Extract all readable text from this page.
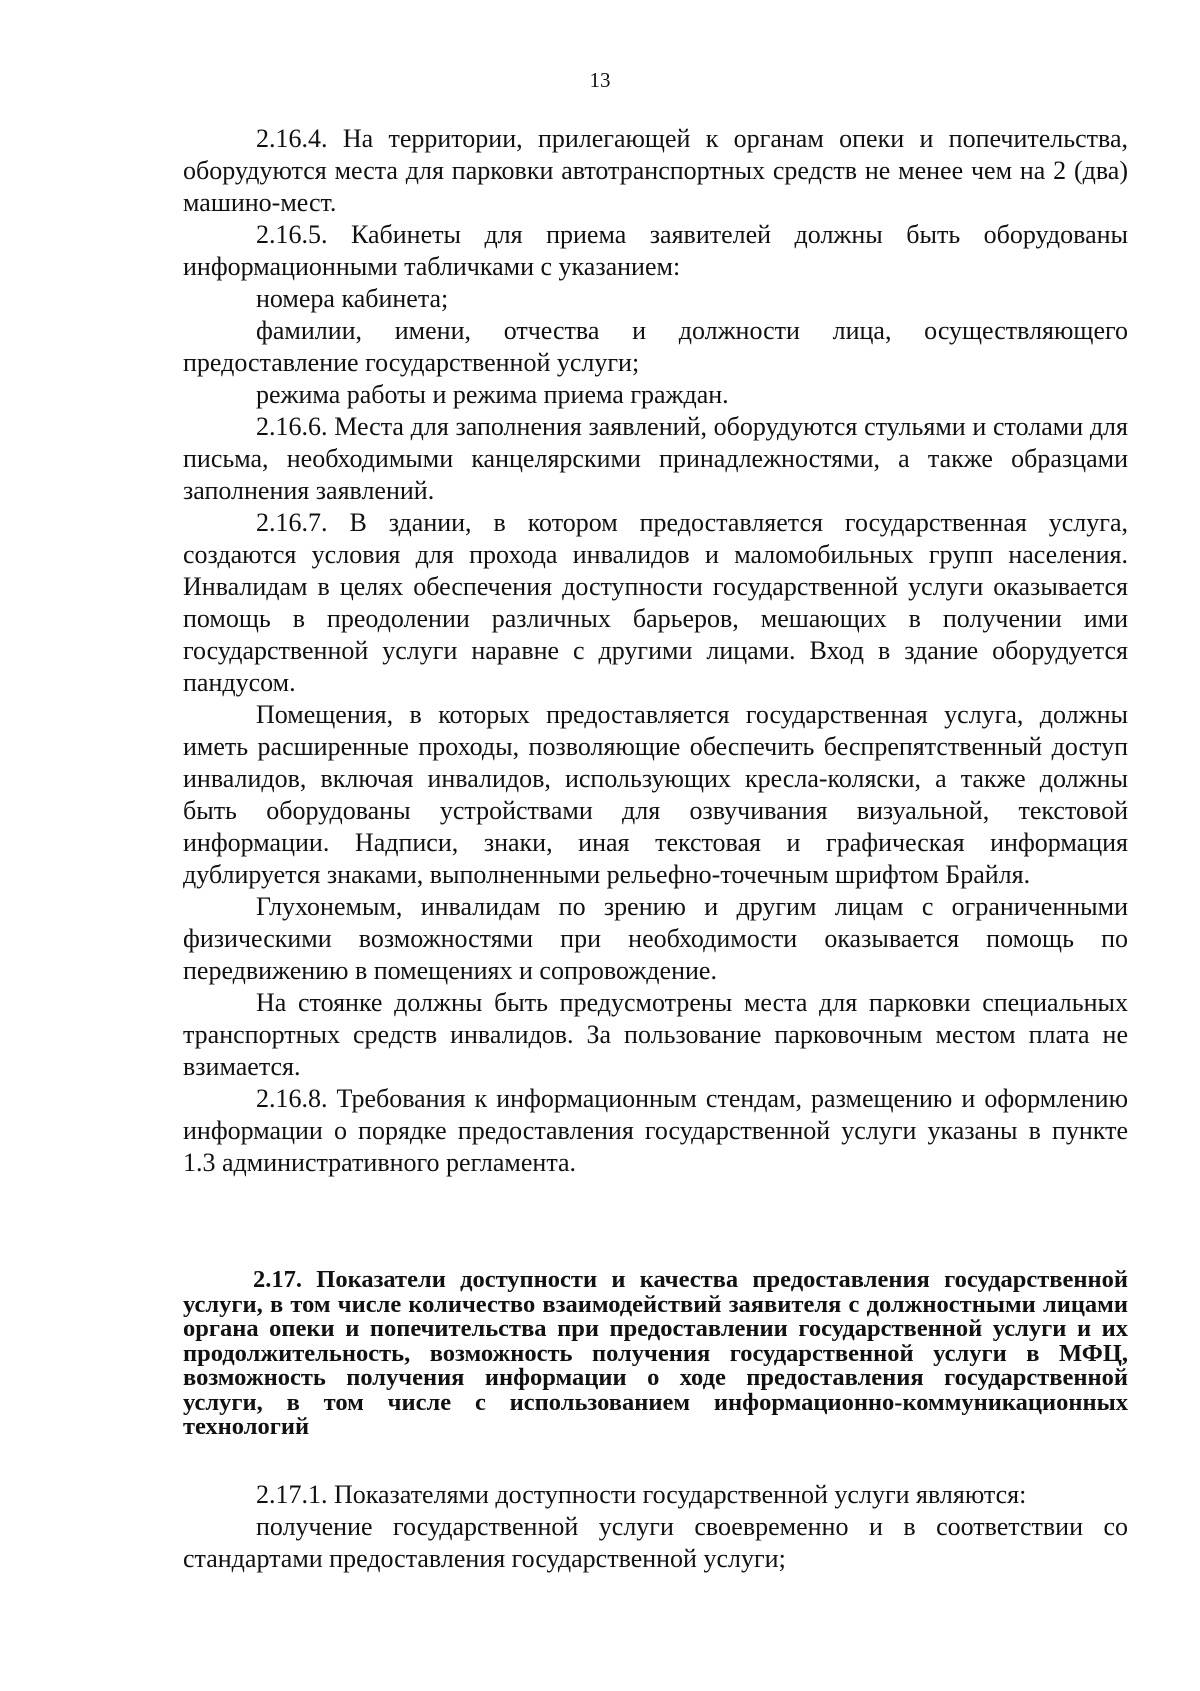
13

2.16.4. На территории, прилегающей к органам опеки и попечительства, оборудуются места для парковки автотранспортных средств не менее чем на 2 (два) машино-мест.

2.16.5. Кабинеты для приема заявителей должны быть оборудованы информационными табличками с указанием:

номера кабинета;

фамилии, имени, отчества и должности лица, осуществляющего предоставление государственной услуги;

режима работы и режима приема граждан.

2.16.6. Места для заполнения заявлений, оборудуются стульями и столами для письма, необходимыми канцелярскими принадлежностями, а также образцами заполнения заявлений.

2.16.7. В здании, в котором предоставляется государственная услуга, создаются условия для прохода инвалидов и маломобильных групп населения. Инвалидам в целях обеспечения доступности государственной услуги оказывается помощь в преодолении различных барьеров, мешающих в получении ими государственной услуги наравне с другими лицами. Вход в здание оборудуется пандусом.

Помещения, в которых предоставляется государственная услуга, должны иметь расширенные проходы, позволяющие обеспечить беспрепятственный доступ инвалидов, включая инвалидов, использующих кресла-коляски, а также должны быть оборудованы устройствами для озвучивания визуальной, текстовой информации. Надписи, знаки, иная текстовая и графическая информация дублируется знаками, выполненными рельефно-точечным шрифтом Брайля.

Глухонемым, инвалидам по зрению и другим лицам с ограниченными физическими возможностями при необходимости оказывается помощь по передвижению в помещениях и сопровождение.

На стоянке должны быть предусмотрены места для парковки специальных транспортных средств инвалидов. За пользование парковочным местом плата не взимается.

2.16.8. Требования к информационным стендам, размещению и оформлению информации о порядке предоставления государственной услуги указаны в пункте 1.3 административного регламента.

2.17. Показатели доступности и качества предоставления государственной услуги, в том числе количество взаимодействий заявителя с должностными лицами органа опеки и попечительства при предоставлении государственной услуги и их продолжительность, возможность получения государственной услуги в МФЦ, возможность получения информации о ходе предоставления государственной услуги, в том числе с использованием информационно-коммуникационных технологий

2.17.1. Показателями доступности государственной услуги являются:

получение государственной услуги своевременно и в соответствии со стандартами предоставления государственной услуги;
